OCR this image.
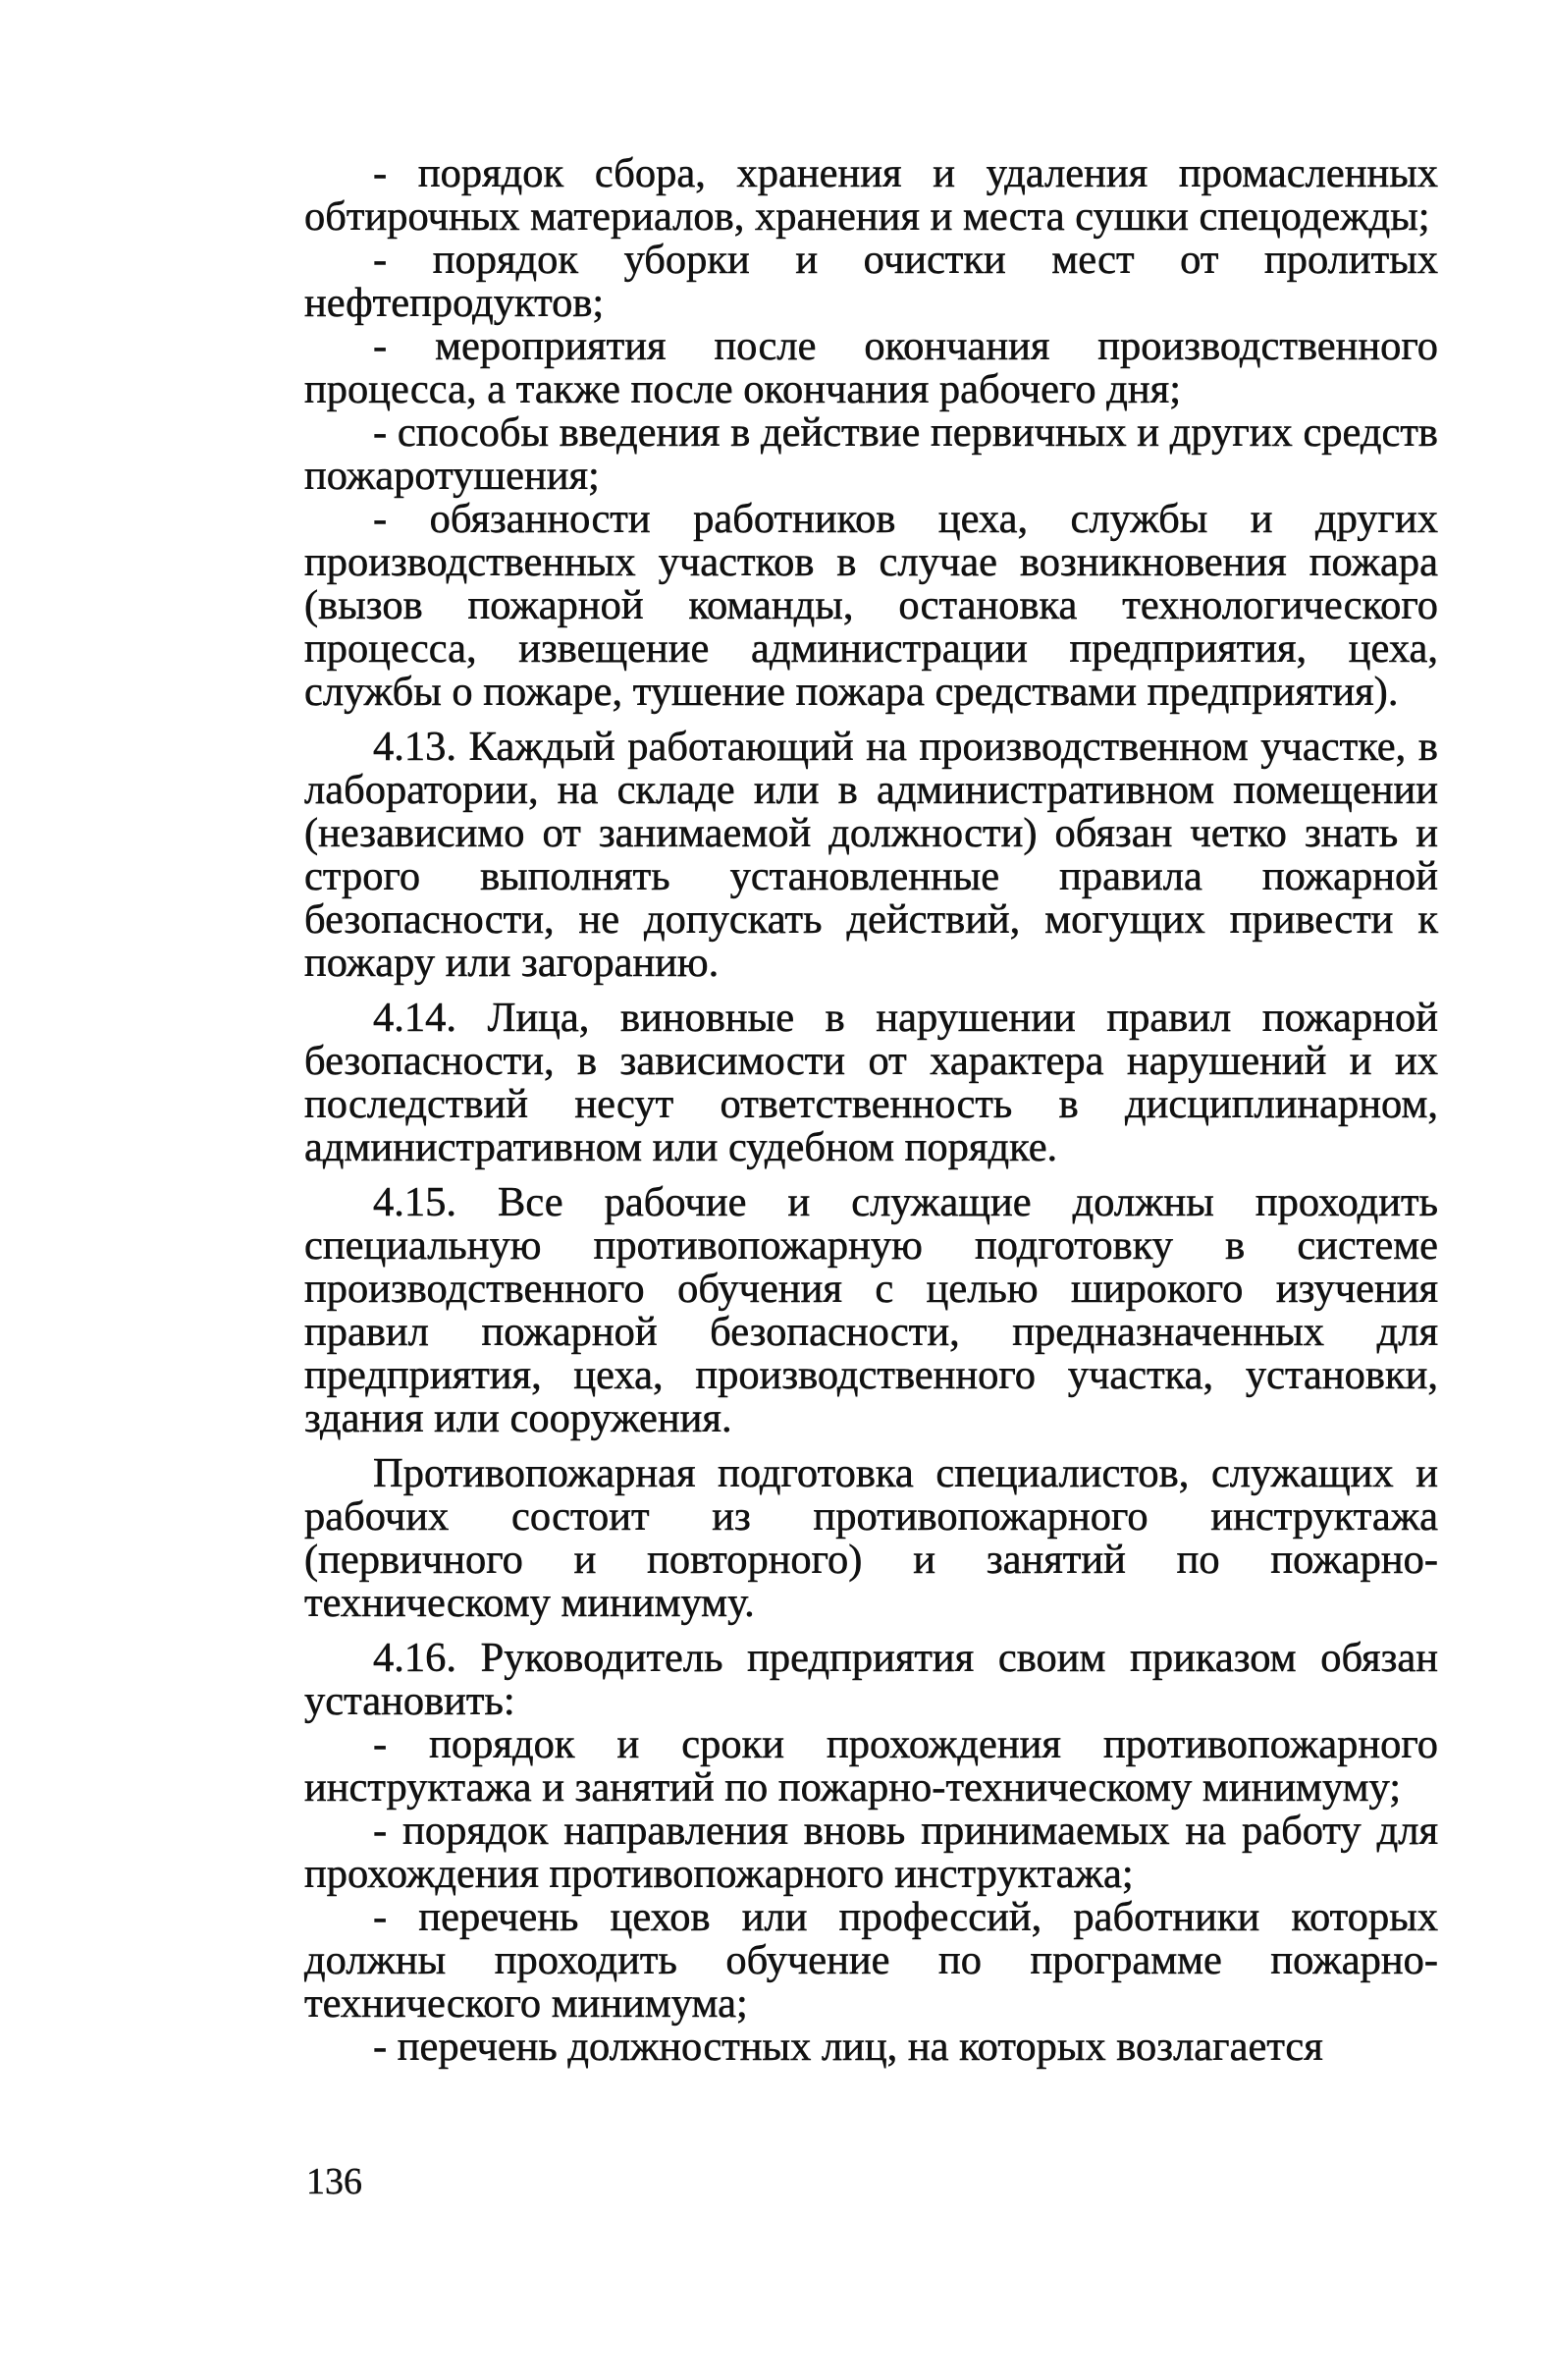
- порядок сбора, хранения и удаления промасленных обтирочных материалов, хранения и места сушки спецодежды;

- порядок уборки и очистки мест от пролитых нефтепродуктов;

- мероприятия после окончания производственного процесса, а также после окончания рабочего дня;

- способы введения в действие первичных и других средств пожаротушения;

- обязанности работников цеха, службы и других производственных участков в случае возникновения пожара (вызов пожарной команды, остановка технологического процесса, извещение администрации предприятия, цеха, службы о пожаре, тушение пожара средствами предприятия).

4.13. Каждый работающий на производственном участке, в лаборатории, на складе или в административном помещении (независимо от занимаемой должности) обязан четко знать и строго выполнять установленные правила пожарной безопасности, не допускать действий, могущих привести к пожару или загоранию.

4.14. Лица, виновные в нарушении правил пожарной безопасности, в зависимости от характера нарушений и их последствий несут ответственность в дисциплинарном, административном или судебном порядке.

4.15. Все рабочие и служащие должны проходить специальную противопожарную подготовку в системе производственного обучения с целью широкого изучения правил пожарной безопасности, предназначенных для предприятия, цеха, производственного участка, установки, здания или сооружения.

Противопожарная подготовка специалистов, служащих и рабочих состоит из противопожарного инструктажа (первичного и повторного) и занятий по пожарно-техническому минимуму.

4.16. Руководитель предприятия своим приказом обязан установить:

- порядок и сроки прохождения противопожарного инструктажа и занятий по пожарно-техническому минимуму;

- порядок направления вновь принимаемых на работу для прохождения противопожарного инструктажа;

- перечень цехов или профессий, работники которых должны проходить обучение по программе пожарно-технического минимума;

- перечень должностных лиц, на которых возлагается

136
